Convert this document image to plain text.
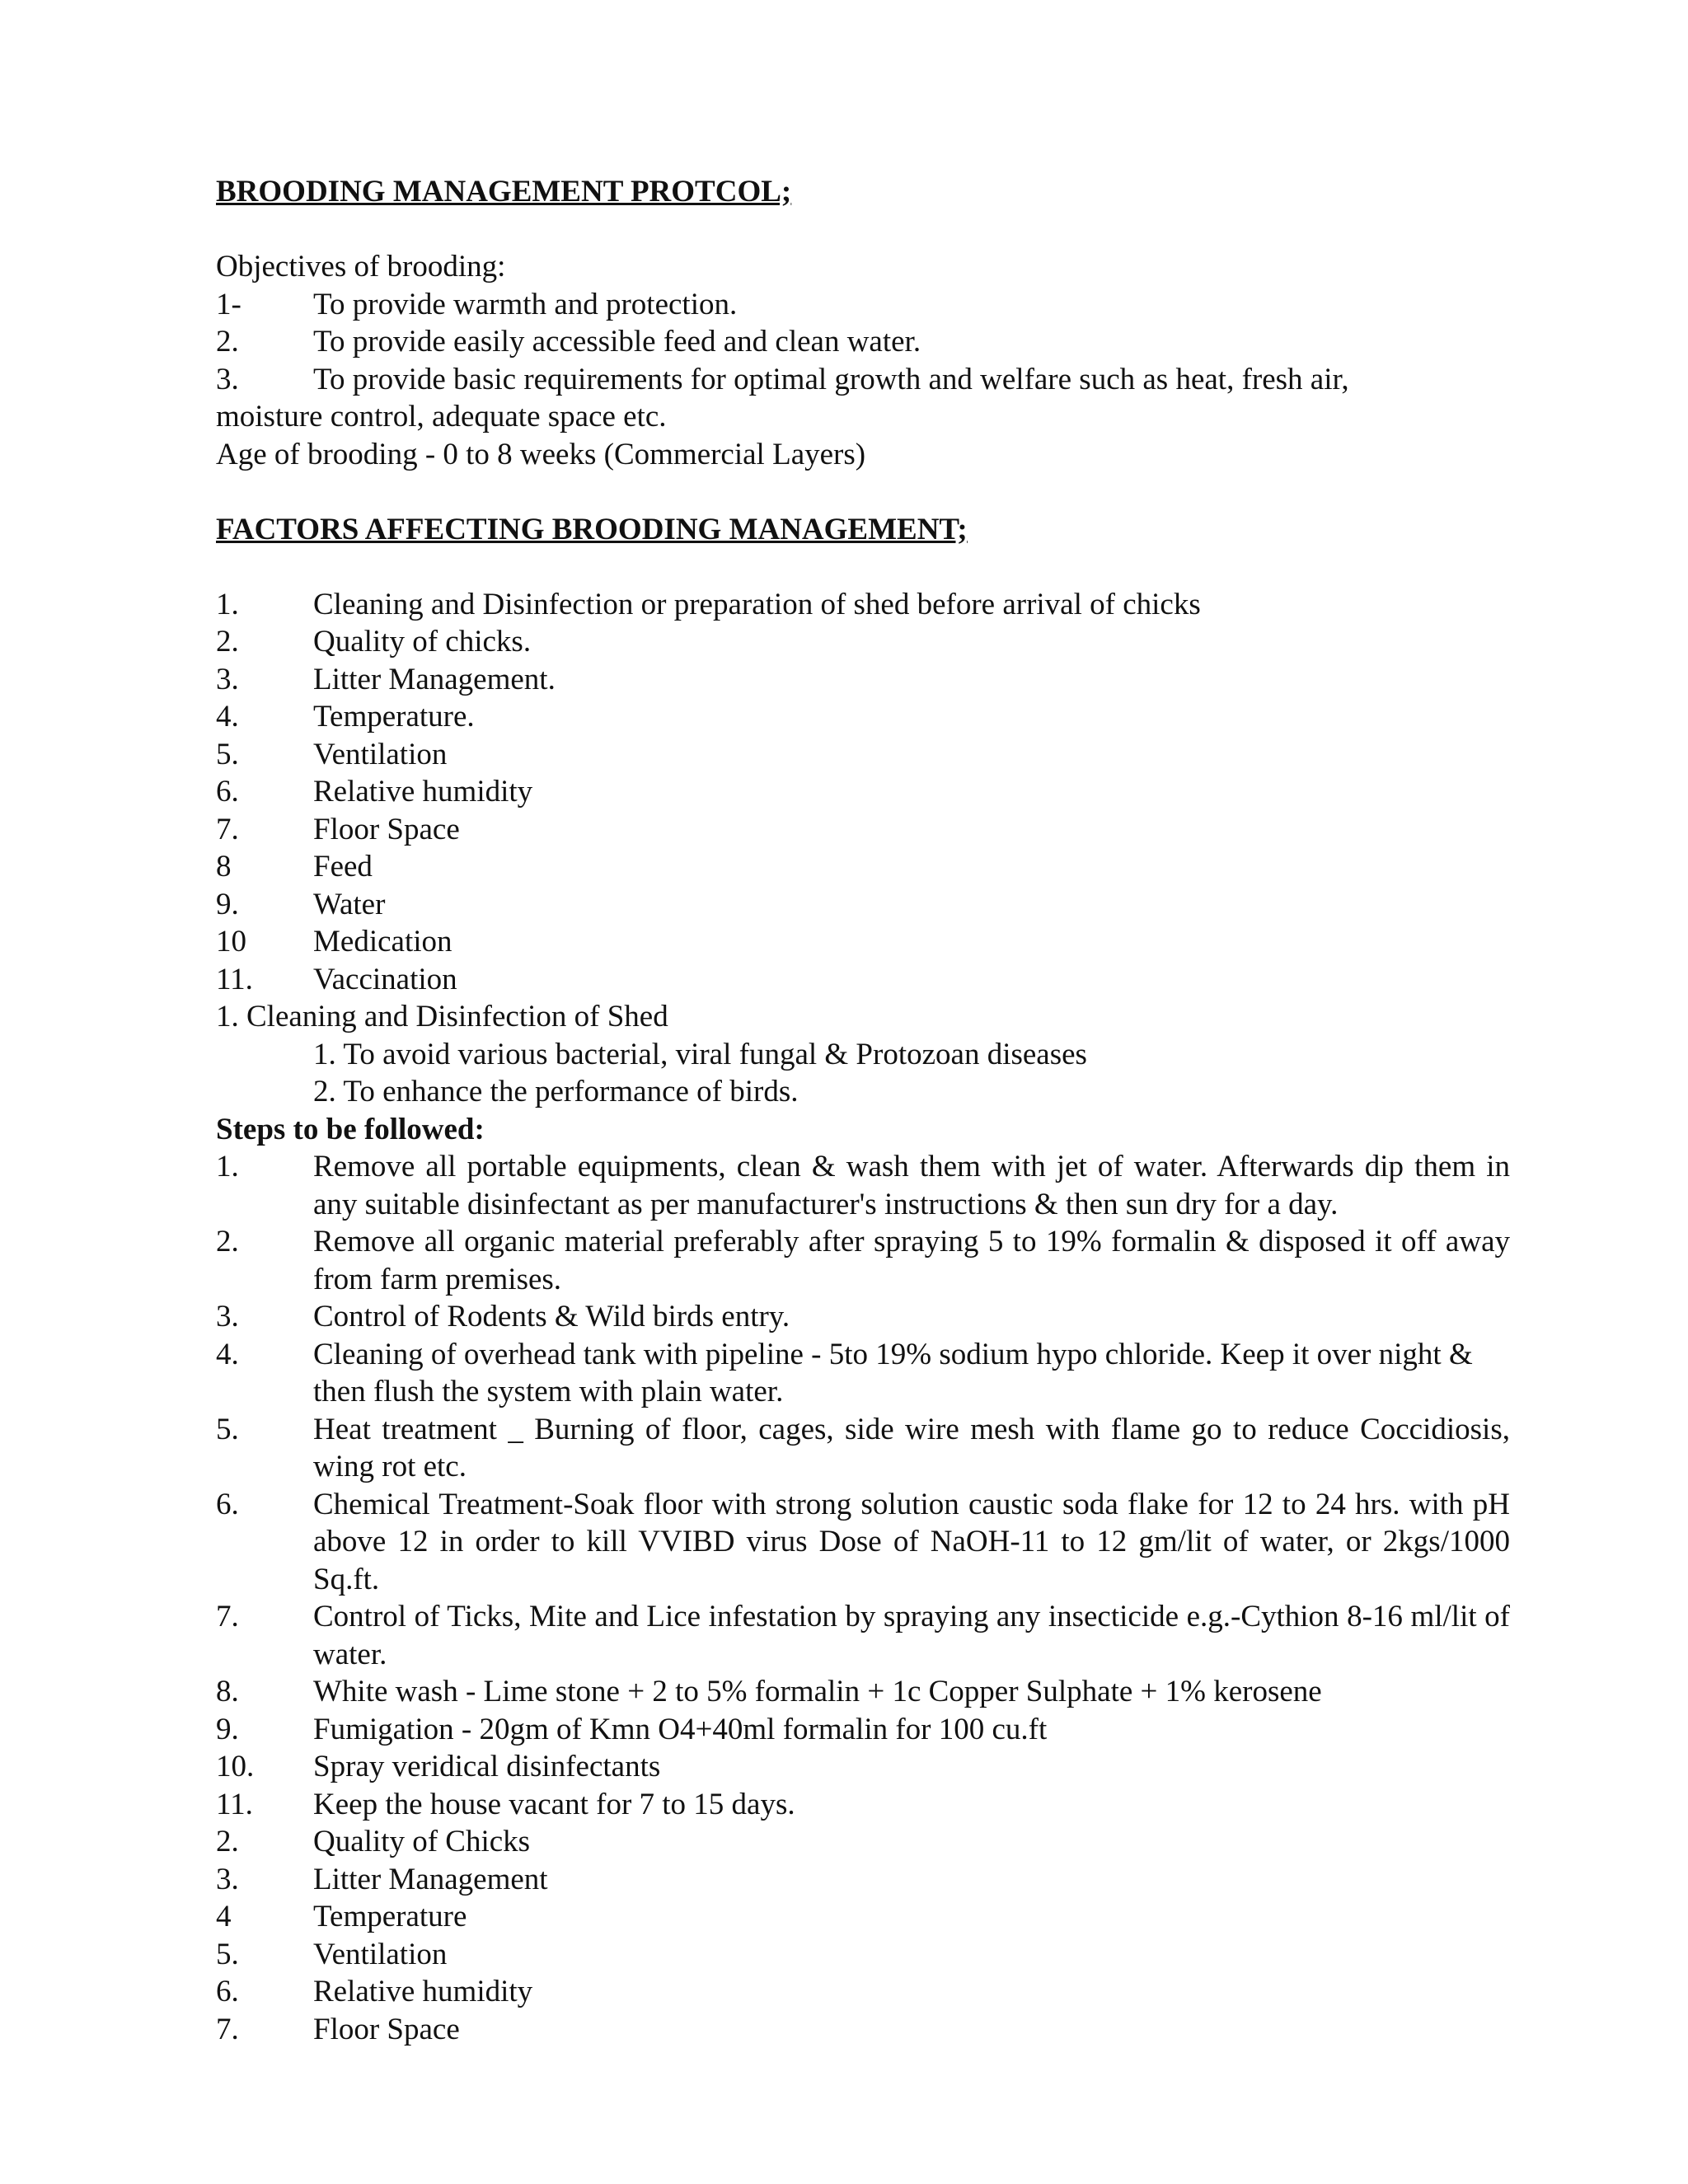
BROODING MANAGEMENT PROTCOL;

Objectives of brooding:

1-	To provide warmth and protection.
2.	To provide easily accessible feed and clean water.
3.	To provide basic requirements for optimal growth and welfare such as heat, fresh air,

moisture control, adequate space etc.

Age of brooding - 0 to 8 weeks (Commercial Layers)

FACTORS AFFECTING BROODING MANAGEMENT;

1.	Cleaning and Disinfection or preparation of shed before arrival of chicks
2.	Quality of chicks.
3.	Litter Management.
4.	Temperature.
5.	Ventilation
6.	Relative humidity
7.	Floor Space
8	Feed
9.	Water
10	Medication
11.	Vaccination

1. Cleaning and Disinfection of Shed

1. To avoid various bacterial, viral fungal & Protozoan diseases

2. To enhance the performance of birds.

Steps to be followed:

1.	Remove all portable equipments, clean & wash them with jet of water. Afterwards dip them in any suitable disinfectant as per manufacturer's instructions & then sun dry for a day.
2.	Remove all organic material preferably after spraying 5 to 19% formalin & disposed it off away from farm premises.
3.	Control of Rodents & Wild birds entry.
4.	Cleaning of overhead tank with pipeline - 5to 19% sodium hypo chloride. Keep it over night & then flush the system with plain water.
5.	Heat treatment _ Burning of floor, cages, side wire mesh with flame go to reduce Coccidiosis, wing rot etc.
6.	Chemical Treatment-Soak floor with strong solution caustic soda flake for 12 to 24 hrs. with pH above 12 in order to kill VVIBD virus Dose of NaOH-11 to 12 gm/lit of water, or 2kgs/1000 Sq.ft.
7.	Control of Ticks, Mite and Lice infestation by spraying any insecticide e.g.-Cythion 8-16 ml/lit of water.
8.	White wash - Lime stone + 2 to 5% formalin + 1c Copper Sulphate + 1% kerosene
9.	Fumigation - 20gm of Kmn O4+40ml formalin for 100 cu.ft
10.	Spray veridical disinfectants
11.	Keep the house vacant for 7 to 15 days.
2.	Quality of Chicks
3.	Litter Management
4	Temperature
5.	Ventilation
6.	Relative humidity
7.	Floor Space
